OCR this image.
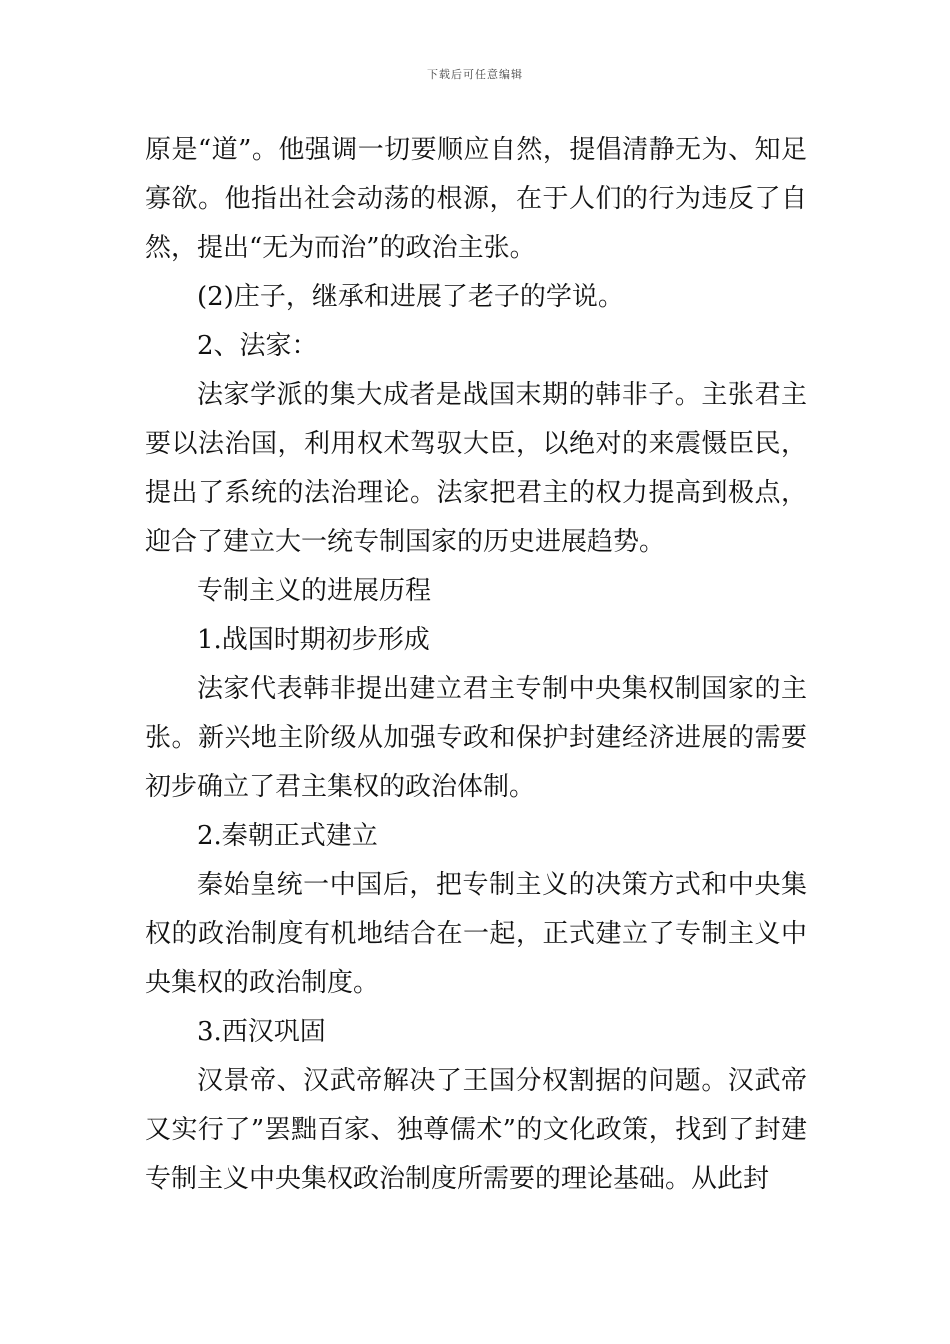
下载后可任意编辑

原是“道”。他强调一切要顺应自然，提倡清静无为、知足寡欲。他指出社会动荡的根源，在于人们的行为违反了自然，提出“无为而治”的政治主张。

(2)庄子，继承和进展了老子的学说。

2、法家：

法家学派的集大成者是战国末期的韩非子。主张君主要以法治国，利用权术驾驭大臣，以绝对的来震慑臣民，提出了系统的法治理论。法家把君主的权力提高到极点，迎合了建立大一统专制国家的历史进展趋势。

专制主义的进展历程

1.战国时期初步形成

法家代表韩非提出建立君主专制中央集权制国家的主张。新兴地主阶级从加强专政和保护封建经济进展的需要初步确立了君主集权的政治体制。

2.秦朝正式建立

秦始皇统一中国后，把专制主义的决策方式和中央集权的政治制度有机地结合在一起，正式建立了专制主义中央集权的政治制度。

3.西汉巩固

汉景帝、汉武帝解决了王国分权割据的问题。汉武帝又实行了”罢黜百家、独尊儒术”的文化政策，找到了封建专制主义中央集权政治制度所需要的理论基础。从此封
